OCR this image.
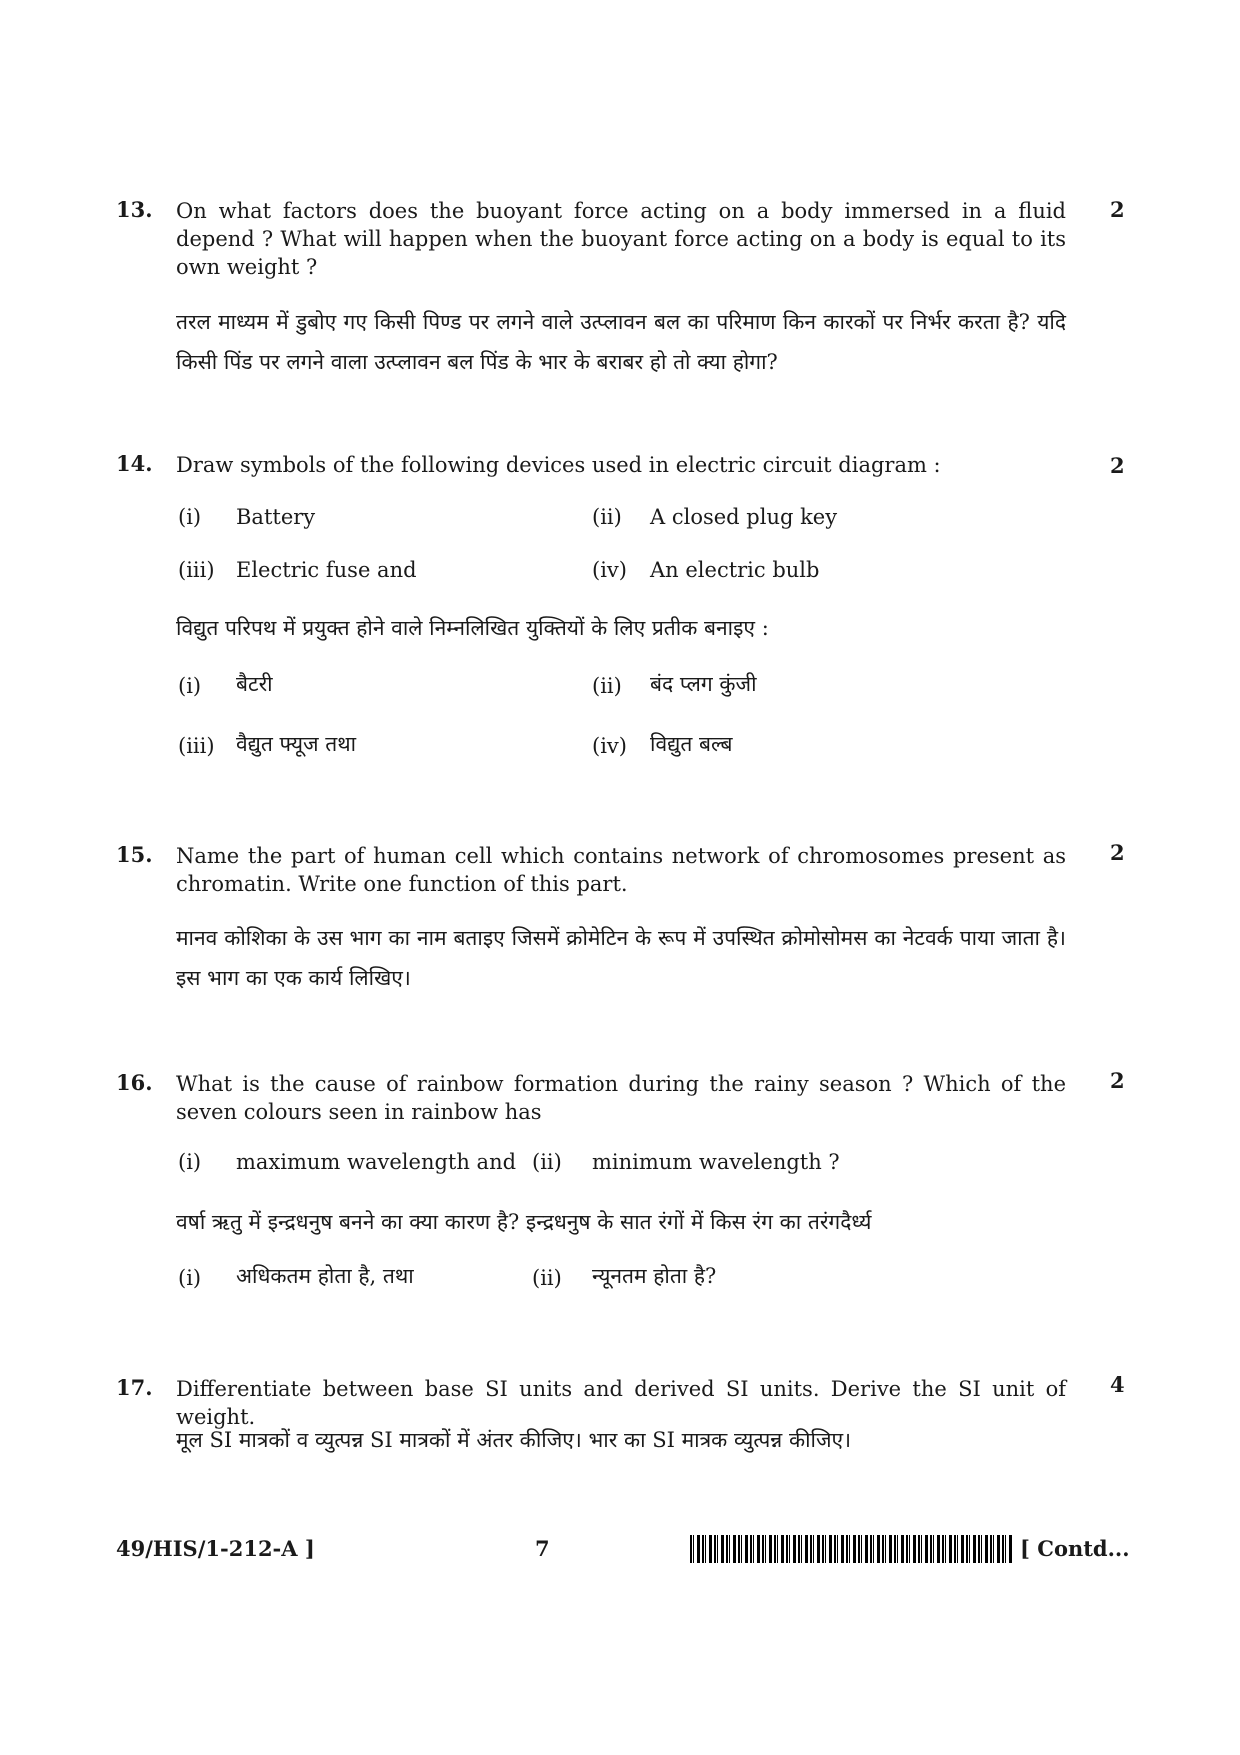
13. On what factors does the buoyant force acting on a body immersed in a fluid depend ? What will happen when the buoyant force acting on a body is equal to its own weight ?
2
तरल माध्यम में डुबोए गए किसी पिण्ड पर लगने वाले उत्प्लावन बल का परिमाण किन कारकों पर निर्भर करता है? यदि किसी पिंड पर लगने वाला उत्प्लावन बल पिंड के भार के बराबर हो तो क्या होगा?
14. Draw symbols of the following devices used in electric circuit diagram :	2
(i) Battery	(ii) A closed plug key
(iii) Electric fuse and	(iv) An electric bulb
विद्युत परिपथ में प्रयुक्त होने वाले निम्नलिखित युक्तियों के लिए प्रतीक बनाइए :
(i) बैटरी	(ii) बंद प्लग कुंजी
(iii) वैद्युत फ्यूज तथा	(iv) विद्युत बल्ब
15. Name the part of human cell which contains network of chromosomes present as chromatin. Write one function of this part.
2
मानव कोशिका के उस भाग का नाम बताइए जिसमें क्रोमेटिन के रूप में उपस्थित क्रोमोसोमस का नेटवर्क पाया जाता है। इस भाग का एक कार्य लिखिए।
16. What is the cause of rainbow formation during the rainy season ? Which of the seven colours seen in rainbow has
2
(i) maximum wavelength and (ii) minimum wavelength ?
वर्षा ऋतु में इन्द्रधनुष बनने का क्या कारण है? इन्द्रधनुष के सात रंगों में किस रंग का तरंगदैर्ध्य
(i) अधिकतम होता है, तथा	(ii) न्यूनतम होता है?
17. Differentiate between base SI units and derived SI units. Derive the SI unit of weight.
4
मूल SI मात्रकों व व्युत्पन्न SI मात्रकों में अंतर कीजिए। भार का SI मात्रक व्युत्पन्न कीजिए।
49/HIS/1-212-A ]	7	[ Contd...
